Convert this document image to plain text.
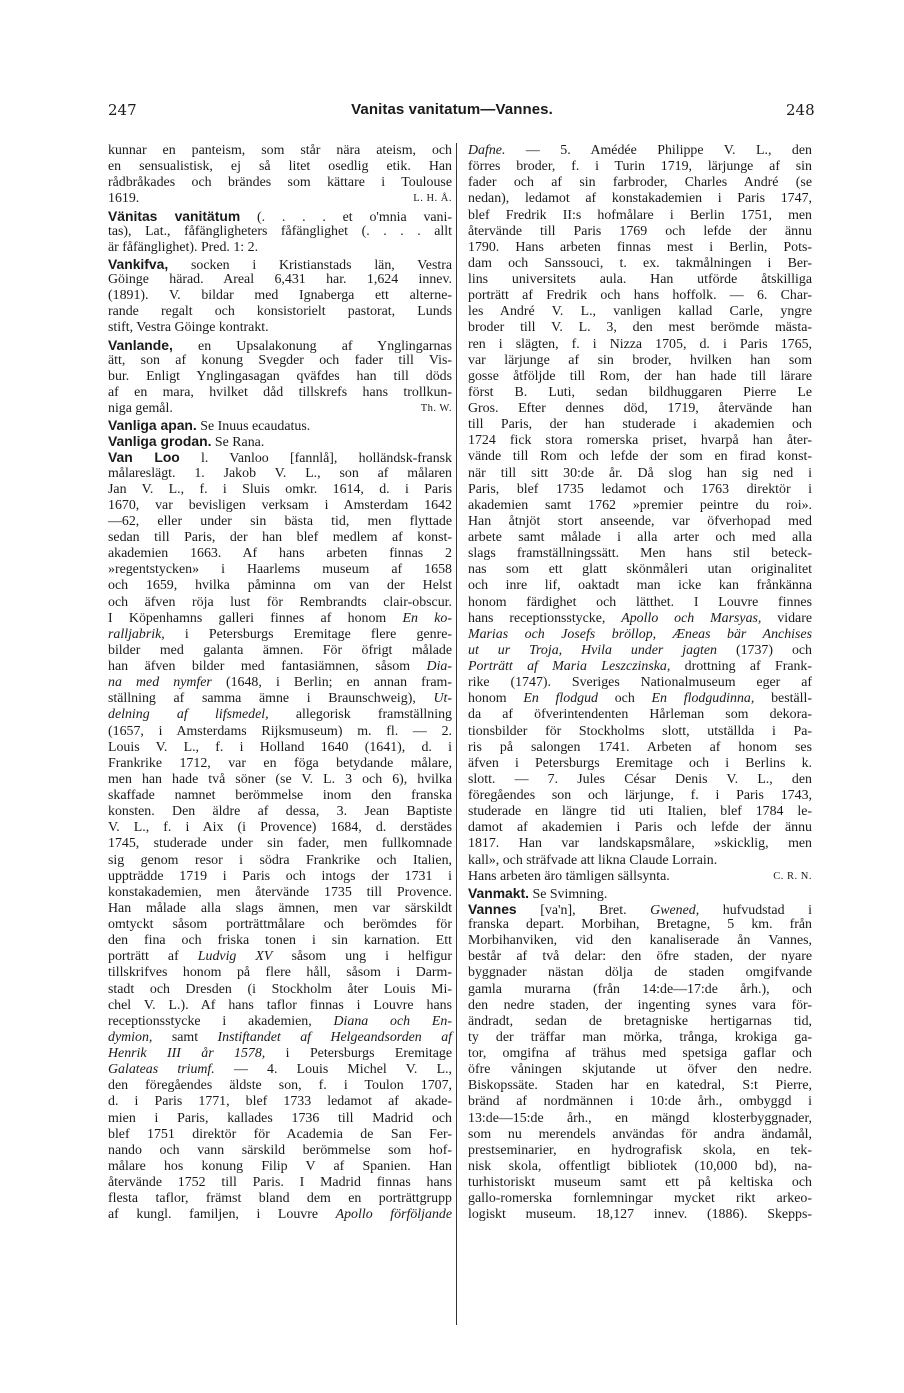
247	Vanitas vanitatum—Vannes.	248
kunnar en panteism, som står nära ateism, och
en sensualistisk, ej så litet osedlig etik. Han
rådbråkades och brändes som kättare i Toulouse
1619.	L. H. Å.
Vänitas vanitätum (. . . . et o'mnia vani-
tas), Lat., fåfängligheters fåfänglighet (. . . . allt
är fåfänglighet). Pred. 1: 2.
Vankifva, socken i Kristianstads län, Vestra
Göinge härad. Areal 6,431 har. 1,624 innev.
(1891). V. bildar med Ignaberga ett alterne-
rande regalt och konsistorielt pastorat, Lunds
stift, Vestra Göinge kontrakt.
Vanlande, en Upsalakonung af Ynglingarnas
ätt, son af konung Svegder och fader till Vis-
bur. Enligt Ynglingasagan qväfdes han till döds
af en mara, hvilket dåd tillskrefs hans trollkun-
niga gemål.	Th. W.
Vanliga apan. Se Inuus ecaudatus.
Vanliga grodan. Se Rana.
Van Loo l. Vanloo [fannlå], holländsk-fransk
målareslägt. 1. Jakob V. L., son af målaren
Jan V. L., f. i Sluis omkr. 1614, d. i Paris
1670, var bevisligen verksam i Amsterdam 1642
—62, eller under sin bästa tid, men flyttade
sedan till Paris, der han blef medlem af konst-
akademien 1663. Af hans arbeten finnas 2
»regentstycken» i Haarlems museum af 1658
och 1659, hvilka påminna om van der Helst
och äfven röja lust för Rembrandts clair-obscur.
I Köpenhamns galleri finnes af honom En ko-
ralljabrik, i Petersburgs Eremitage flere genre-
bilder med galanta ämnen. För öfrigt målade
han äfven bilder med fantasiämnen, såsom Dia-
na med nymfer (1648, i Berlin; en annan fram-
ställning af samma ämne i Braunschweig), Ut-
delning af lifsmedel, allegorisk framställning
(1657, i Amsterdams Rijksmuseum) m. fl. — 2.
Louis V. L., f. i Holland 1640 (1641), d. i
Frankrike 1712, var en föga betydande målare,
men han hade två söner (se V. L. 3 och 6), hvilka
skaffade namnet berömmelse inom den franska
konsten. Den äldre af dessa, 3. Jean Baptiste
V. L., f. i Aix (i Provence) 1684, d. derstädes
1745, studerade under sin fader, men fullkomnade
sig genom resor i södra Frankrike och Italien,
uppträdde 1719 i Paris och intogs der 1731 i
konstakademien, men återvände 1735 till Provence.
Han målade alla slags ämnen, men var särskildt
omtyckt såsom porträttmålare och berömdes för
den fina och friska tonen i sin karnation. Ett
porträtt af Ludvig XV såsom ung i helfigur
tillskrifves honom på flere håll, såsom i Darm-
stadt och Dresden (i Stockholm åter Louis Mi-
chel V. L.). Af hans taflor finnas i Louvre hans
receptionsstycke i akademien, Diana och En-
dymion, samt Instiftandet af Helgeandsorden af
Henrik III år 1578, i Petersburgs Eremitage
Galateas triumf. — 4. Louis Michel V. L.,
den föregåendes äldste son, f. i Toulon 1707,
d. i Paris 1771, blef 1733 ledamot af akade-
mien i Paris, kallades 1736 till Madrid och
blef 1751 direktör för Academia de San Fer-
nando och vann särskild berömmelse som hof-
målare hos konung Filip V af Spanien. Han
återvände 1752 till Paris. I Madrid finnas hans
flesta taflor, främst bland dem en porträttgrupp
af kungl. familjen, i Louvre Apollo förföljande
Dafne. — 5. Amédée Philippe V. L., den
förres broder, f. i Turin 1719, lärjunge af sin
fader och af sin farbroder, Charles André (se
nedan), ledamot af konstakademien i Paris 1747,
blef Fredrik II:s hofmålare i Berlin 1751, men
återvände till Paris 1769 och lefde der ännu
1790. Hans arbeten finnas mest i Berlin, Pots-
dam och Sanssouci, t. ex. takmålningen i Ber-
lins universitets aula. Han utförde åtskilliga
porträtt af Fredrik och hans hoffolk. — 6. Char-
les André V. L., vanligen kallad Carle, yngre
broder till V. L. 3, den mest berömde mästa-
ren i slägten, f. i Nizza 1705, d. i Paris 1765,
var lärjunge af sin broder, hvilken han som
gosse åtföljde till Rom, der han hade till lärare
först B. Luti, sedan bildhuggaren Pierre Le
Gros. Efter dennes död, 1719, återvände han
till Paris, der han studerade i akademien och
1724 fick stora romerska priset, hvarpå han åter-
vände till Rom och lefde der som en firad konst-
när till sitt 30:de år. Då slog han sig ned i
Paris, blef 1735 ledamot och 1763 direktör i
akademien samt 1762 »premier peintre du roi».
Han åtnjöt stort anseende, var öfverhopad med
arbete samt målade i alla arter och med alla
slags framställningssätt. Men hans stil beteck-
nas som ett glatt skönmåleri utan originalitet
och inre lif, oaktadt man icke kan frånkänna
honom färdighet och lätthet. I Louvre finnes
hans receptionsstycke, Apollo och Marsyas, vidare
Marias och Josefs bröllop, Æneas bär Anchises
ut ur Troja, Hvila under jagten (1737) och
Porträtt af Maria Leszczinska, drottning af Frank-
rike (1747). Sveriges Nationalmuseum eger af
honom En flodgud och En flodgudinna, beställ-
da af öfverintendenten Hårleman som dekora-
tionsbilder för Stockholms slott, utställda i Pa-
ris på salongen 1741. Arbeten af honom ses
äfven i Petersburgs Eremitage och i Berlins k.
slott. — 7. Jules César Denis V. L., den
föregåendes son och lärjunge, f. i Paris 1743,
studerade en längre tid uti Italien, blef 1784 le-
damot af akademien i Paris och lefde der ännu
1817. Han var landskapsmålare, »skicklig, men
kall», och sträfvade att likna Claude Lorrain.
Hans arbeten äro tämligen sällsynta.	C. R. N.
Vanmakt. Se Svimning.
Vannes [va'n], Bret. Gwened, hufvudstad i
franska depart. Morbihan, Bretagne, 5 km. från
Morbihanviken, vid den kanaliserade ån Vannes,
består af två delar: den öfre staden, der nyare
byggnader nästan dölja de staden omgifvande
gamla murarna (från 14:de—17:de årh.), och
den nedre staden, der ingenting synes vara för-
ändradt, sedan de bretagniske hertigarnas tid,
ty der träffar man mörka, trånga, krokiga ga-
tor, omgifna af trähus med spetsiga gaflar och
öfre våningen skjutande ut öfver den nedre.
Biskopssäte. Staden har en katedral, S:t Pierre,
bränd af nordmännen i 10:de årh., ombyggd i
13:de—15:de årh., en mängd klosterbyggnader,
som nu merendels användas för andra ändamål,
prestseminarier, en hydrografisk skola, en tek-
nisk skola, offentligt bibliotek (10,000 bd), na-
turhistoriskt museum samt ett på keltiska och
gallo-romerska fornlemningar mycket rikt arkeo-
logiskt museum. 18,127 innev. (1886). Skepps-
